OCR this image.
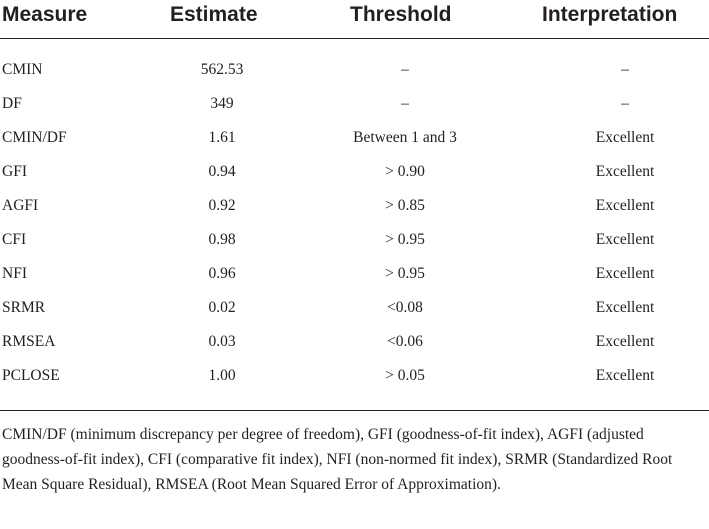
Measure	Estimate	Threshold	Interpretation
CMIN	562.53	–	–
DF	349	–	–
CMIN/DF	1.61	Between 1 and 3	Excellent
GFI	0.94	> 0.90	Excellent
AGFI	0.92	> 0.85	Excellent
CFI	0.98	> 0.95	Excellent
NFI	0.96	> 0.95	Excellent
SRMR	0.02	<0.08	Excellent
RMSEA	0.03	<0.06	Excellent
PCLOSE	1.00	> 0.05	Excellent

CMIN/DF (minimum discrepancy per degree of freedom), GFI (goodness-of-fit index), AGFI (adjusted goodness-of-fit index), CFI (comparative fit index), NFI (non-normed fit index), SRMR (Standardized Root Mean Square Residual), RMSEA (Root Mean Squared Error of Approximation).
